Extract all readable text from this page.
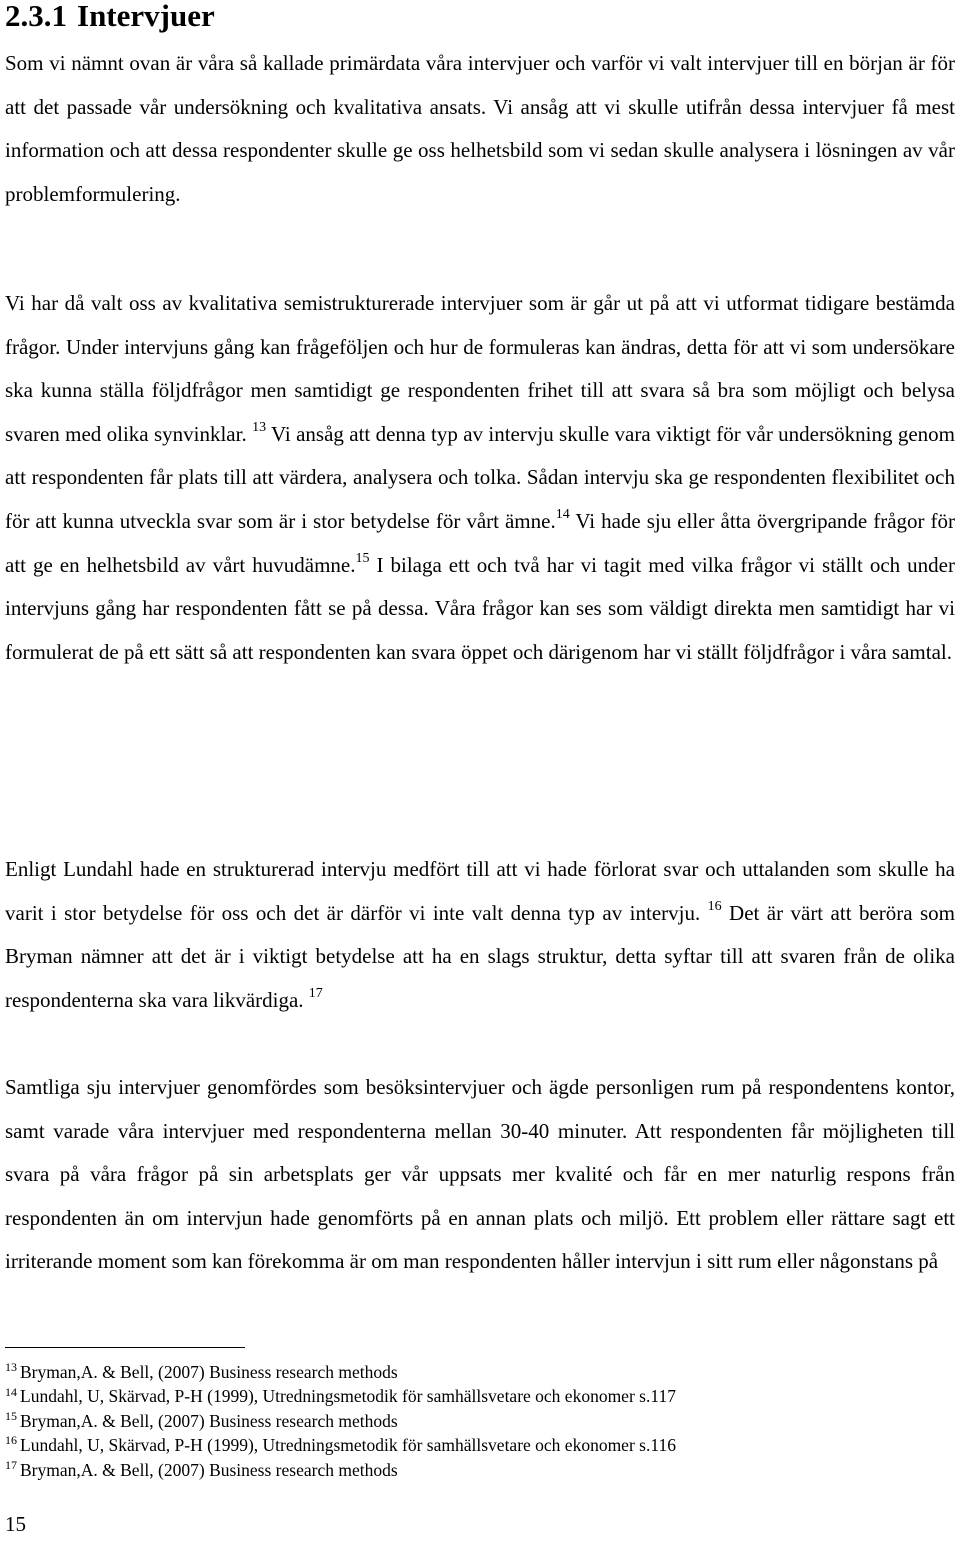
2.3.1 Intervjuer

Som vi nämnt ovan är våra så kallade primärdata våra intervjuer och varför vi valt intervjuer till en början är för att det passade vår undersökning och kvalitativa ansats. Vi ansåg att vi skulle utifrån dessa intervjuer få mest information och att dessa respondenter skulle ge oss helhetsbild som vi sedan skulle analysera i lösningen av vår problemformulering.

Vi har då valt oss av kvalitativa semistrukturerade intervjuer som är går ut på att vi utformat tidigare bestämda frågor. Under intervjuns gång kan frågeföljen och hur de formuleras kan ändras, detta för att vi som undersökare ska kunna ställa följdfrågor men samtidigt ge respondenten frihet till att svara så bra som möjligt och belysa svaren med olika synvinklar. $^{13}$ Vi ansåg att denna typ av intervju skulle vara viktigt för vår undersökning genom att respondenten får plats till att värdera, analysera och tolka. Sådan intervju ska ge respondenten flexibilitet och för att kunna utveckla svar som är i stor betydelse för vårt ämne.$^{14}$ Vi hade sju eller åtta övergripande frågor för att ge en helhetsbild av vårt huvudämne.$^{15}$ I bilaga ett och två har vi tagit med vilka frågor vi ställt och under intervjuns gång har respondenten fått se på dessa. Våra frågor kan ses som väldigt direkta men samtidigt har vi formulerat de på ett sätt så att respondenten kan svara öppet och därigenom har vi ställt följdfrågor i våra samtal.

Enligt Lundahl hade en strukturerad intervju medfört till att vi hade förlorat svar och uttalanden som skulle ha varit i stor betydelse för oss och det är därför vi inte valt denna typ av intervju. $^{16}$ Det är värt att beröra som Bryman nämner att det är i viktigt betydelse att ha en slags struktur, detta syftar till att svaren från de olika respondenterna ska vara likvärdiga. $^{17}$

Samtliga sju intervjuer genomfördes som besöksintervjuer och ägde personligen rum på respondentens kontor, samt varade våra intervjuer med respondenterna mellan 30-40 minuter. Att respondenten får möjligheten till svara på våra frågor på sin arbetsplats ger vår uppsats mer kvalité och får en mer naturlig respons från respondenten än om intervjun hade genomförts på en annan plats och miljö. Ett problem eller rättare sagt ett irriterande moment som kan förekomma är om man respondenten håller intervjun i sitt rum eller någonstans på

$^{13}$ Bryman,A. & Bell, (2007) Business research methods
$^{14}$ Lundahl, U, Skärvad, P-H (1999), Utredningsmetodik för samhällsvetare och ekonomer s.117
$^{15}$ Bryman,A. & Bell, (2007) Business research methods
$^{16}$ Lundahl, U, Skärvad, P-H (1999), Utredningsmetodik för samhällsvetare och ekonomer s.116
$^{17}$ Bryman,A. & Bell, (2007) Business research methods
15
